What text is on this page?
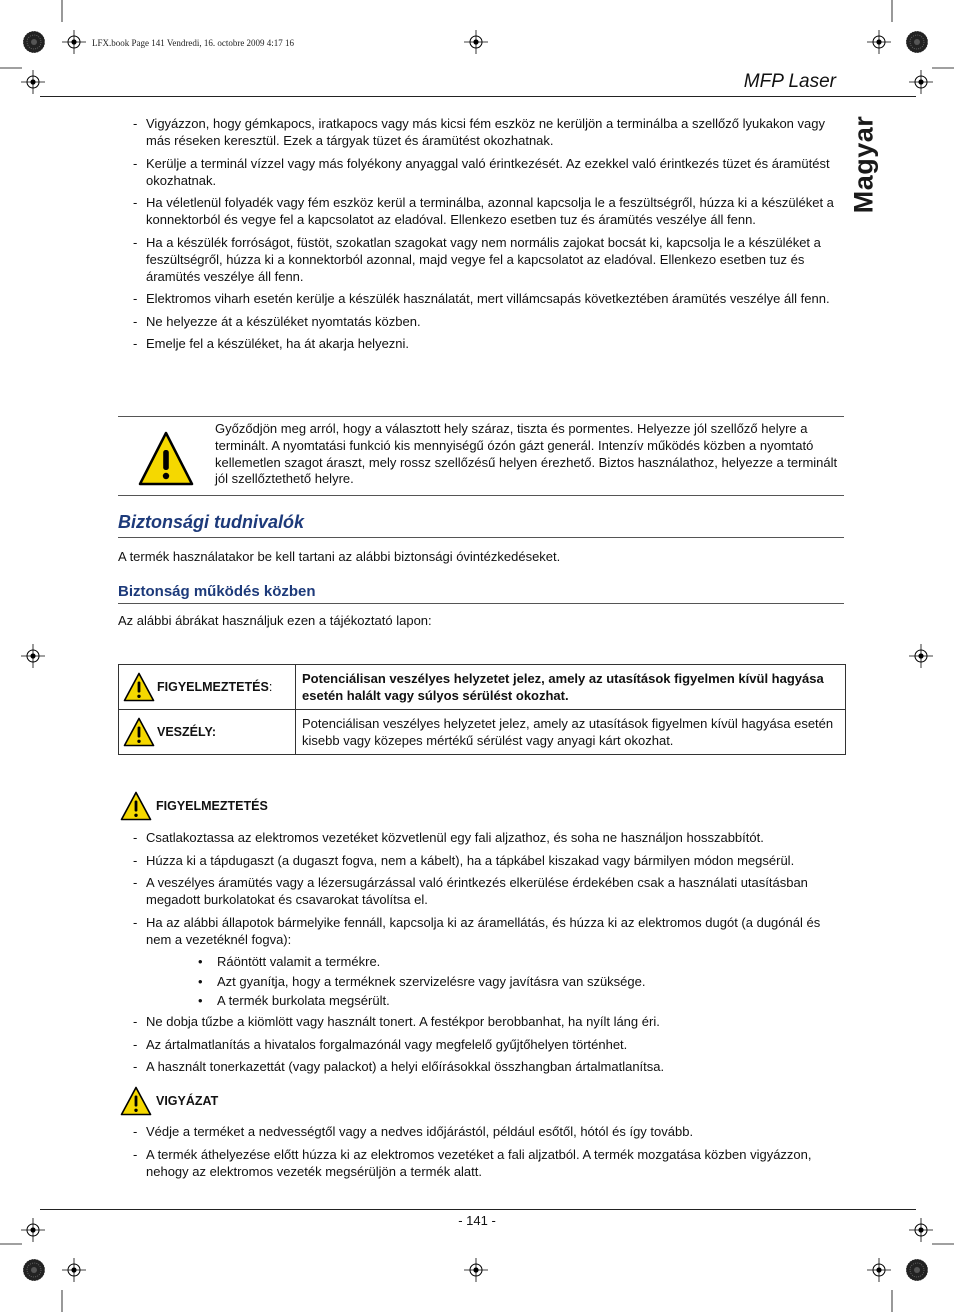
LFX.book Page 141 Vendredi, 16. octobre 2009 4:17 16
MFP Laser
Magyar
- Vigyázzon, hogy gémkapocs, iratkapocs vagy más kicsi fém eszköz ne kerüljön a terminálba a szellőző lyukakon vagy más réseken keresztül. Ezek a tárgyak tüzet és áramütést okozhatnak.
- Kerülje a terminál vízzel vagy más folyékony anyaggal való érintkezését. Az ezekkel való érintkezés tüzet és áramütést okozhatnak.
- Ha véletlenül folyadék vagy fém eszköz kerül a terminálba, azonnal kapcsolja le a feszültségről, húzza ki a készüléket a konnektorból és vegye fel a kapcsolatot az eladóval. Ellenkezo esetben tuz és áramütés veszélye áll fenn.
- Ha a készülék forróságot, füstöt, szokatlan szagokat vagy nem normális zajokat bocsát ki, kapcsolja le a készüléket a feszültségről, húzza ki a konnektorból azonnal, majd vegye fel a kapcsolatot az eladóval. Ellenkezo esetben tuz és áramütés veszélye áll fenn.
- Elektromos viharh esetén kerülje a készülék használatát, mert villámcsapás következtében áramütés veszélye áll fenn.
- Ne helyezze át a készüléket nyomtatás közben.
- Emelje fel a készüléket, ha át akarja helyezni.
Győződjön meg arról, hogy a választott hely száraz, tiszta és pormentes. Helyezze jól szellőző helyre a terminált. A nyomtatási funkció kis mennyiségű ózón gázt generál. Intenzív működés közben a nyomtató kellemetlen szagot áraszt, mely rossz szellőzésű helyen érezhető. Biztos használathoz, helyezze a terminált jól szellőztethető helyre.
Biztonsági tudnivalók
A termék használatakor be kell tartani az alábbi biztonsági óvintézkedéseket.
Biztonság működés közben
Az alábbi ábrákat használjuk ezen a tájékoztató lapon:
FIGYELMEZTETÉS:	Potenciálisan veszélyes helyzetet jelez, amely az utasítások figyelmen kívül hagyása esetén halált vagy súlyos sérülést okozhat.

VESZÉLY:	Potenciálisan veszélyes helyzetet jelez, amely az utasítások figyelmen kívül hagyása esetén kisebb vagy közepes mértékű sérülést vagy anyagi kárt okozhat.
FIGYELMEZTETÉS
- Csatlakoztassa az elektromos vezetéket közvetlenül egy fali aljzathoz, és soha ne használjon hosszabbítót.
- Húzza ki a tápdugaszt (a dugaszt fogva, nem a kábelt), ha a tápkábel kiszakad vagy bármilyen módon megsérül.
- A veszélyes áramütés vagy a lézersugárzással való érintkezés elkerülése érdekében csak a használati utasításban megadott burkolatokat és csavarokat távolítsa el.
- Ha az alábbi állapotok bármelyike fennáll, kapcsolja ki az áramellátás, és húzza ki az elektromos dugót (a dugónál és nem a vezetéknél fogva):
• Ráöntött valamit a termékre.
• Azt gyanítja, hogy a terméknek szervizelésre vagy javításra van szüksége.
• A termék burkolata megsérült.
- Ne dobja tűzbe a kiömlött vagy használt tonert. A festékpor berobbanhat, ha nyílt láng éri.
- Az ártalmatlanítás a hivatalos forgalmazónál vagy megfelelő gyűjtőhelyen történhet.
- A használt tonerkazettát (vagy palackot) a helyi előírásokkal összhangban ártalmatlanítsa.
VIGYÁZAT
- Védje a terméket a nedvességtől vagy a nedves időjárástól, például esőtől, hótól és így tovább.
- A termék áthelyezése előtt húzza ki az elektromos vezetéket a fali aljzatból. A termék mozgatása közben vigyázzon, nehogy az elektromos vezeték megsérüljön a termék alatt.
- 141 -
